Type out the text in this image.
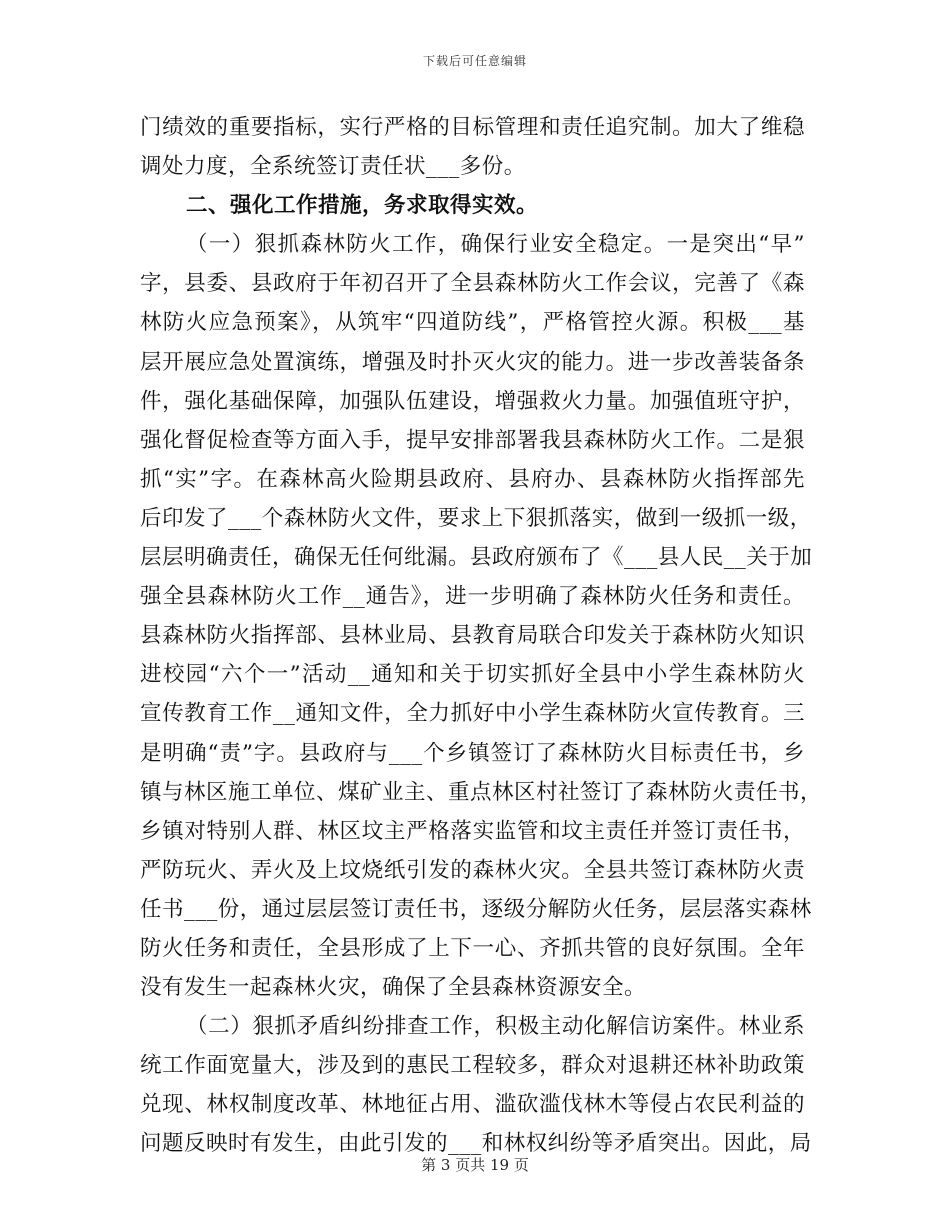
下载后可任意编辑
门绩效的重要指标，实行严格的目标管理和责任追究制。加大了维稳
调处力度，全系统签订责任状___多份。
二、强化工作措施，务求取得实效。
（一）狠抓森林防火工作，确保行业安全稳定。一是突出“早”
字，县委、县政府于年初召开了全县森林防火工作会议，完善了《森
林防火应急预案》，从筑牢“四道防线”，严格管控火源。积极___基
层开展应急处置演练，增强及时扑灭火灾的能力。进一步改善装备条
件，强化基础保障，加强队伍建设，增强救火力量。加强值班守护，
强化督促检查等方面入手，提早安排部署我县森林防火工作。二是狠
抓“实”字。在森林高火险期县政府、县府办、县森林防火指挥部先
后印发了___个森林防火文件，要求上下狠抓落实，做到一级抓一级，
层层明确责任，确保无任何纰漏。县政府颁布了《___县人民__关于加
强全县森林防火工作__通告》，进一步明确了森林防火任务和责任。
县森林防火指挥部、县林业局、县教育局联合印发关于森林防火知识
进校园“六个一”活动__通知和关于切实抓好全县中小学生森林防火
宣传教育工作__通知文件，全力抓好中小学生森林防火宣传教育。三
是明确“责”字。县政府与___个乡镇签订了森林防火目标责任书，乡
镇与林区施工单位、煤矿业主、重点林区村社签订了森林防火责任书，
乡镇对特别人群、林区坟主严格落实监管和坟主责任并签订责任书，
严防玩火、弄火及上坟烧纸引发的森林火灾。全县共签订森林防火责
任书___份，通过层层签订责任书，逐级分解防火任务，层层落实森林
防火任务和责任，全县形成了上下一心、齐抓共管的良好氛围。全年
没有发生一起森林火灾，确保了全县森林资源安全。
（二）狠抓矛盾纠纷排查工作，积极主动化解信访案件。林业系
统工作面宽量大，涉及到的惠民工程较多，群众对退耕还林补助政策
兑现、林权制度改革、林地征占用、滥砍滥伐林木等侵占农民利益的
问题反映时有发生，由此引发的___和林权纠纷等矛盾突出。因此，局
第 3 页共 19 页
